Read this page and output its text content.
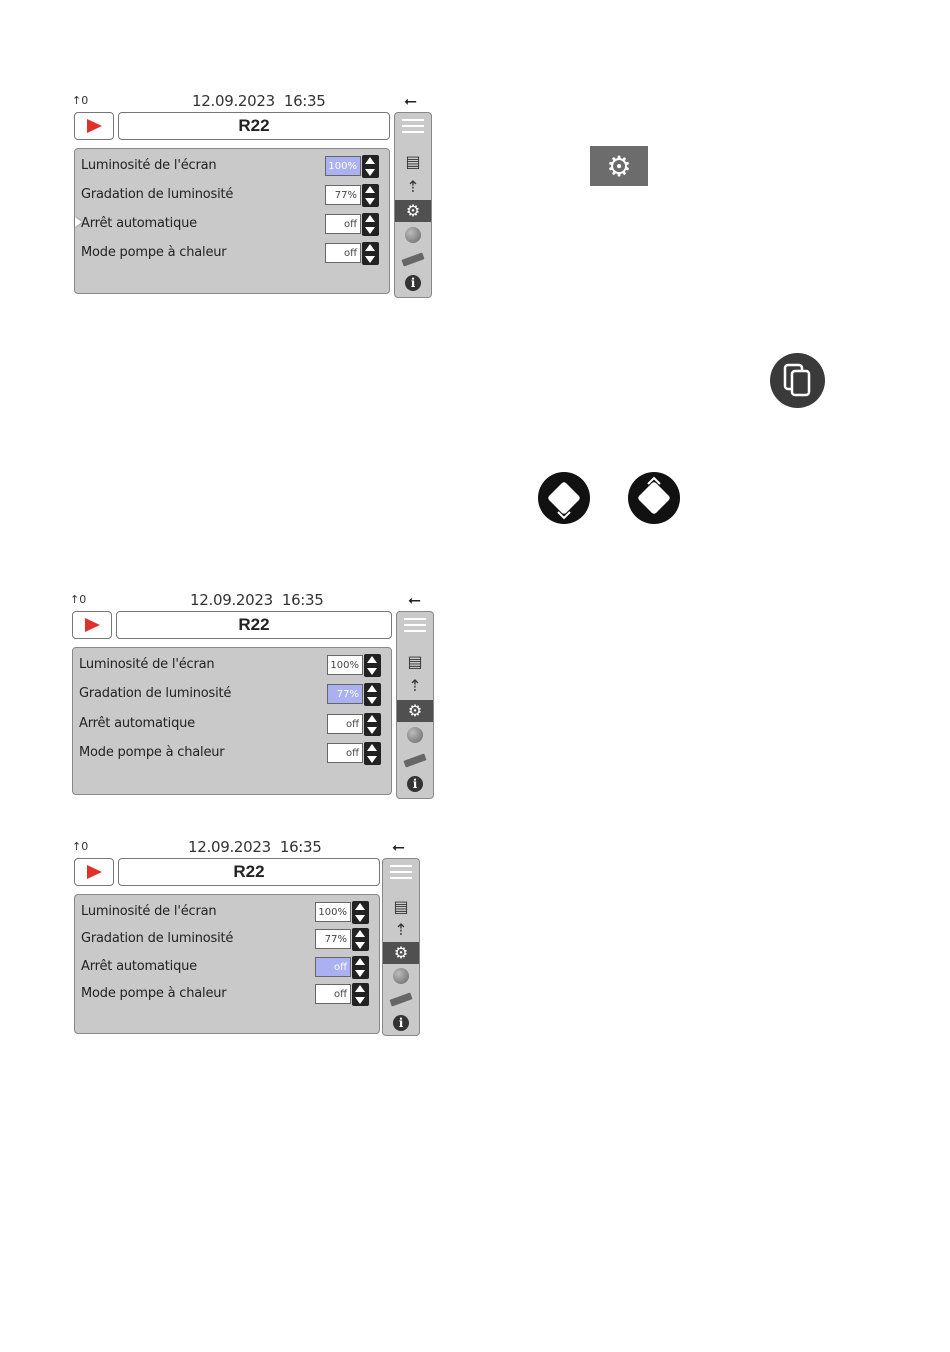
↑0	12.09.2023  16:35	⭠
R22
Luminosité de l'écran	100%
Gradation de luminosité	77%
Arrêt automatique	off
Mode pompe à chaleur	off
▤
⇡
⚙
i
↑0	12.09.2023  16:35	⭠
R22
Luminosité de l'écran	100%
Gradation de luminosité	77%
Arrêt automatique	off
Mode pompe à chaleur	off
▤
⇡
⚙
i
↑0	12.09.2023  16:35	⭠
R22
Luminosité de l'écran	100%
Gradation de luminosité	77%
Arrêt automatique	off
Mode pompe à chaleur	off
▤
⇡
⚙
i
⚙
